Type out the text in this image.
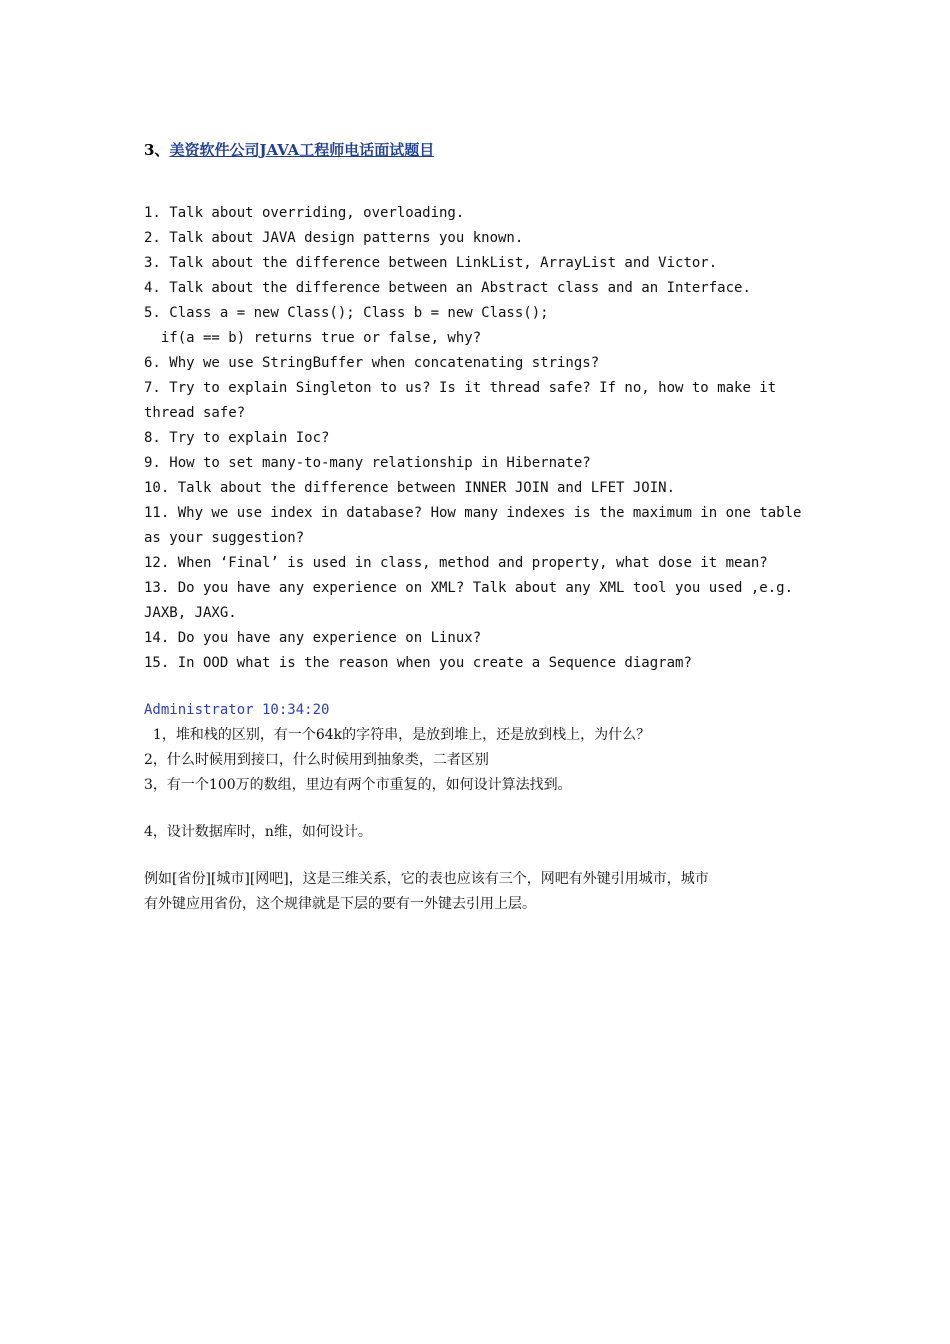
3、美资软件公司JAVA工程师电话面试题目

1. Talk about overriding, overloading.

2. Talk about JAVA design patterns you known.

3. Talk about the difference between LinkList, ArrayList and Victor.

4. Talk about the difference between an Abstract class and an Interface.

5. Class a = new Class(); Class b = new Class();

if(a == b) returns true or false, why?

6. Why we use StringBuffer when concatenating strings?

7. Try to explain Singleton to us? Is it thread safe? If no, how to make it

thread safe?

8. Try to explain Ioc?

9. How to set many-to-many relationship in Hibernate?

10. Talk about the difference between INNER JOIN and LFET JOIN.

11. Why we use index in database? How many indexes is the maximum in one table

as your suggestion?

12. When ‘Final’ is used in class, method and property, what dose it mean?

13. Do you have any experience on XML? Talk about any XML tool you used ,e.g.

JAXB, JAXG.

14. Do you have any experience on Linux?

15. In OOD what is the reason when you create a Sequence diagram?

Administrator 10:34:20

1，堆和栈的区别，有一个64k的字符串，是放到堆上，还是放到栈上，为什么？

2，什么时候用到接口，什么时候用到抽象类，二者区别

3，有一个100万的数组，里边有两个市重复的，如何设计算法找到。

4，设计数据库时，n维，如何设计。

例如[省份][城市][网吧]，这是三维关系，它的表也应该有三个，网吧有外键引用城市，城市

有外键应用省份，这个规律就是下层的要有一外键去引用上层。
